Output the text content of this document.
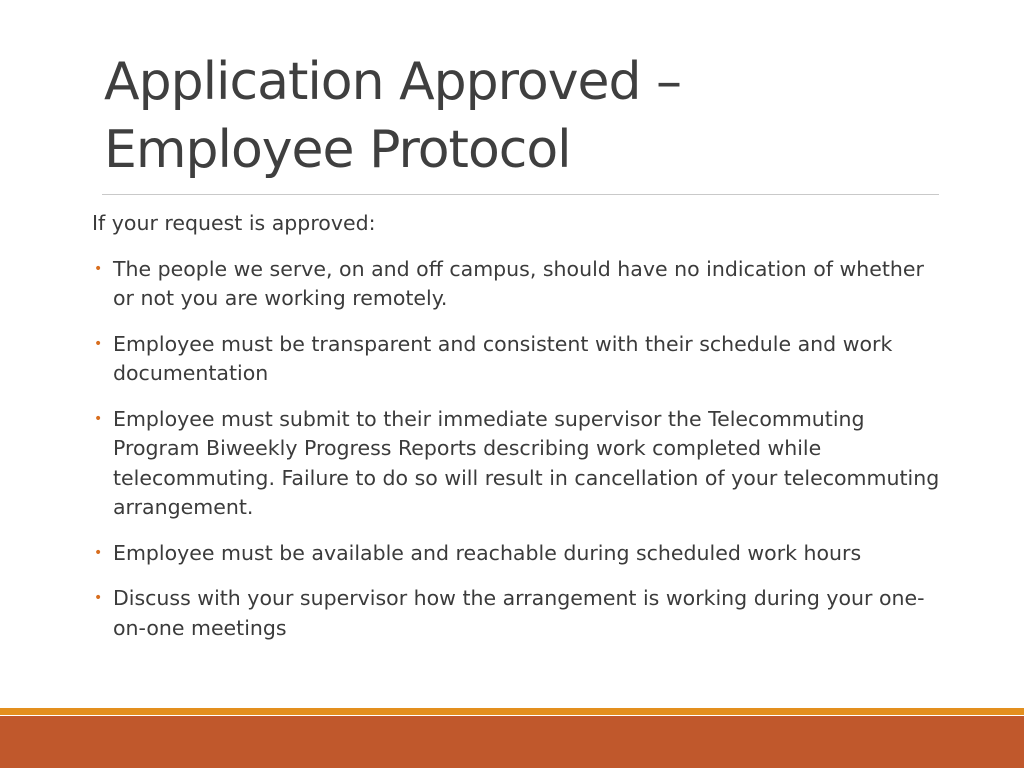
Application Approved – Employee Protocol

If your request is approved:

• The people we serve, on and off campus, should have no indication of whether or not you are working remotely.
• Employee must be transparent and consistent with their schedule and work documentation
• Employee must submit to their immediate supervisor the Telecommuting Program Biweekly Progress Reports describing work completed while telecommuting. Failure to do so will result in cancellation of your telecommuting arrangement.
• Employee must be available and reachable during scheduled work hours
• Discuss with your supervisor how the arrangement is working during your one-on-one meetings
